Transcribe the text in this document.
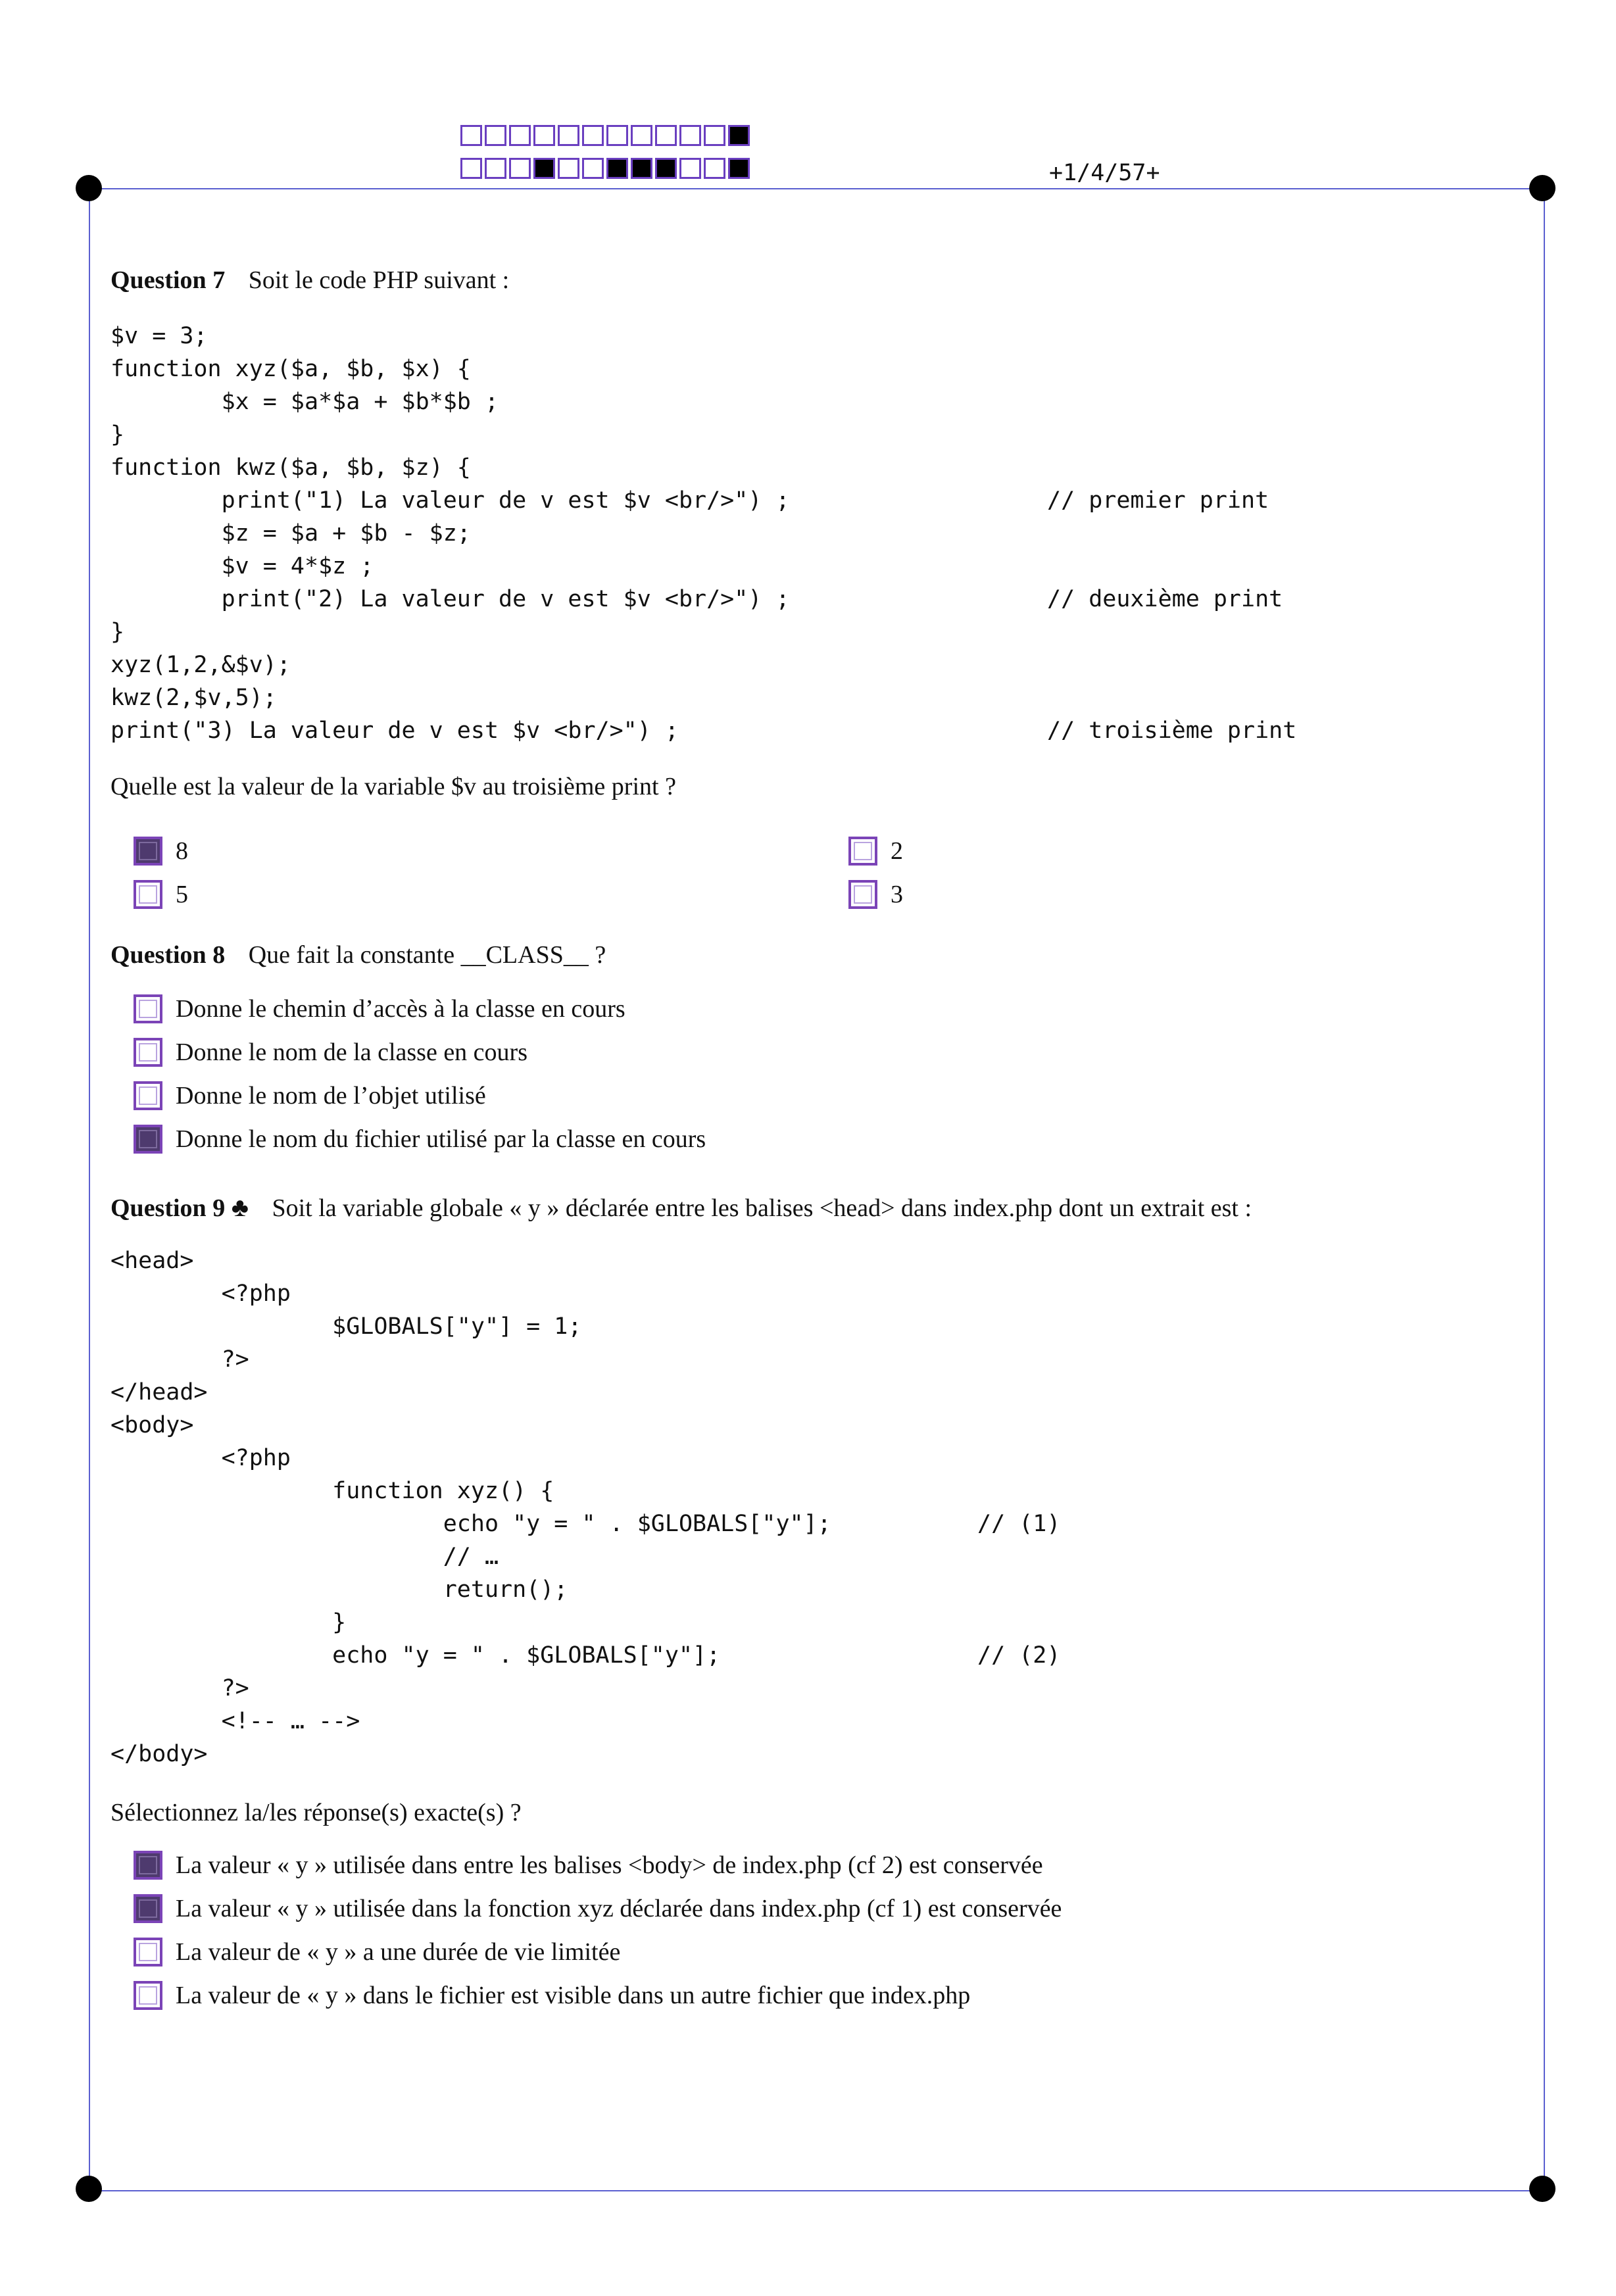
+1/4/57+
Question 7 Soit le code PHP suivant :
$v = 3;
function xyz($a, $b, $x) {
$x = $a*$a + $b*$b ;
}
function kwz($a, $b, $z) {
print("1) La valeur de v est $v <br/>") ;	// premier print
$z = $a + $b - $z;
$v = 4*$z ;
print("2) La valeur de v est $v <br/>") ;	// deuxième print
}
xyz(1,2,&$v);
kwz(2,$v,5);
print("3) La valeur de v est $v <br/>") ;	// troisième print
Quelle est la valeur de la variable $v au troisième print ?
8	2
5	3
Question 8 Que fait la constante __CLASS__ ?
Donne le chemin d’accès à la classe en cours
Donne le nom de la classe en cours
Donne le nom de l’objet utilisé
Donne le nom du fichier utilisé par la classe en cours
Question 9 ♣ Soit la variable globale « y » déclarée entre les balises <head> dans index.php dont un extrait est :
<head>
<?php
$GLOBALS["y"] = 1;
?>
</head>
<body>
<?php
function xyz() {
echo "y = " . $GLOBALS["y"];	// (1)
// …
return();
}
echo "y = " . $GLOBALS["y"];	// (2)
?>
<!-- … -->
</body>
Sélectionnez la/les réponse(s) exacte(s) ?
La valeur « y » utilisée dans entre les balises <body> de index.php (cf 2) est conservée
La valeur « y » utilisée dans la fonction xyz déclarée dans index.php (cf 1) est conservée
La valeur de « y » a une durée de vie limitée
La valeur de « y » dans le fichier est visible dans un autre fichier que index.php
